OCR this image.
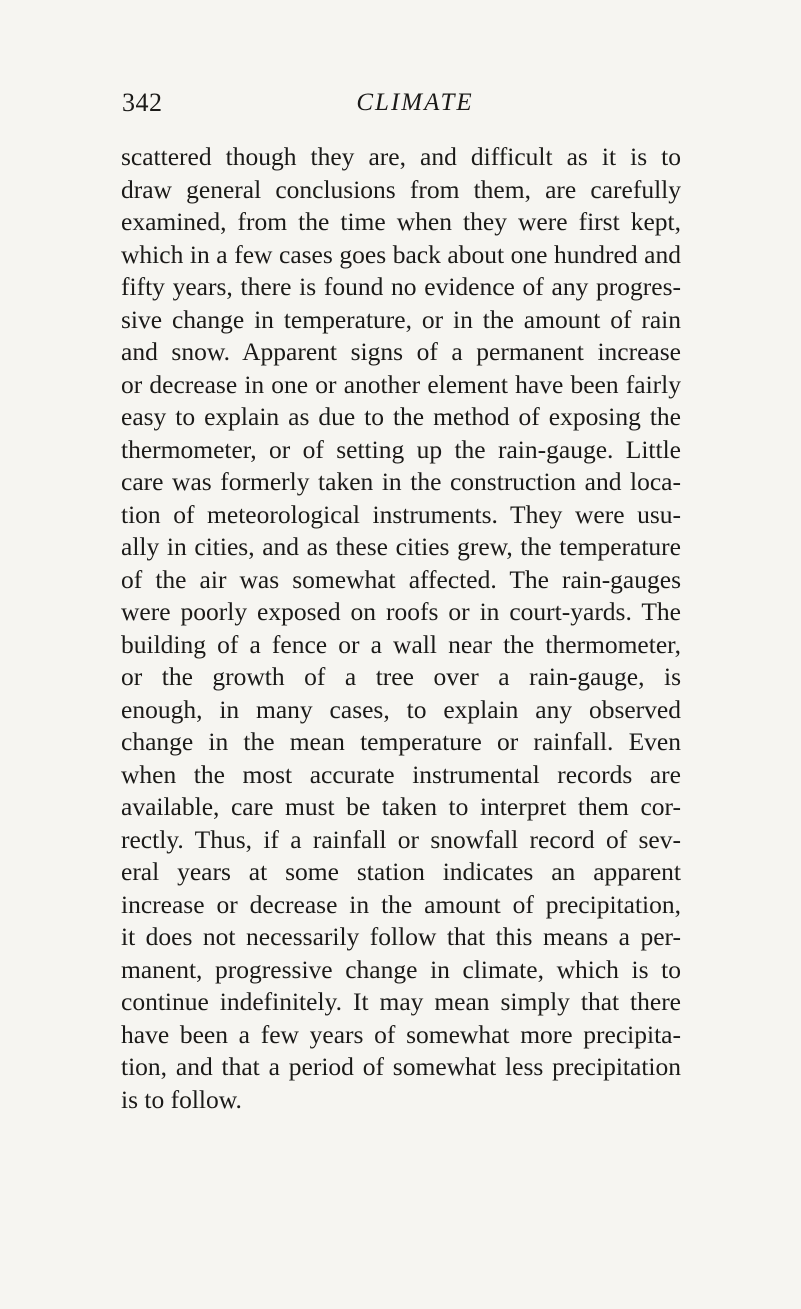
342	CLIMATE
scattered though they are, and difficult as it is to
draw general conclusions from them, are carefully
examined, from the time when they were first kept,
which in a few cases goes back about one hundred and
fifty years, there is found no evidence of any progres-
sive change in temperature, or in the amount of rain
and snow. Apparent signs of a permanent increase
or decrease in one or another element have been fairly
easy to explain as due to the method of exposing the
thermometer, or of setting up the rain-gauge. Little
care was formerly taken in the construction and loca-
tion of meteorological instruments. They were usu-
ally in cities, and as these cities grew, the temperature
of the air was somewhat affected. The rain-gauges
were poorly exposed on roofs or in court-yards. The
building of a fence or a wall near the thermometer,
or the growth of a tree over a rain-gauge, is
enough, in many cases, to explain any observed
change in the mean temperature or rainfall. Even
when the most accurate instrumental records are
available, care must be taken to interpret them cor-
rectly. Thus, if a rainfall or snowfall record of sev-
eral years at some station indicates an apparent
increase or decrease in the amount of precipitation,
it does not necessarily follow that this means a per-
manent, progressive change in climate, which is to
continue indefinitely. It may mean simply that there
have been a few years of somewhat more precipita-
tion, and that a period of somewhat less precipitation
is to follow.
